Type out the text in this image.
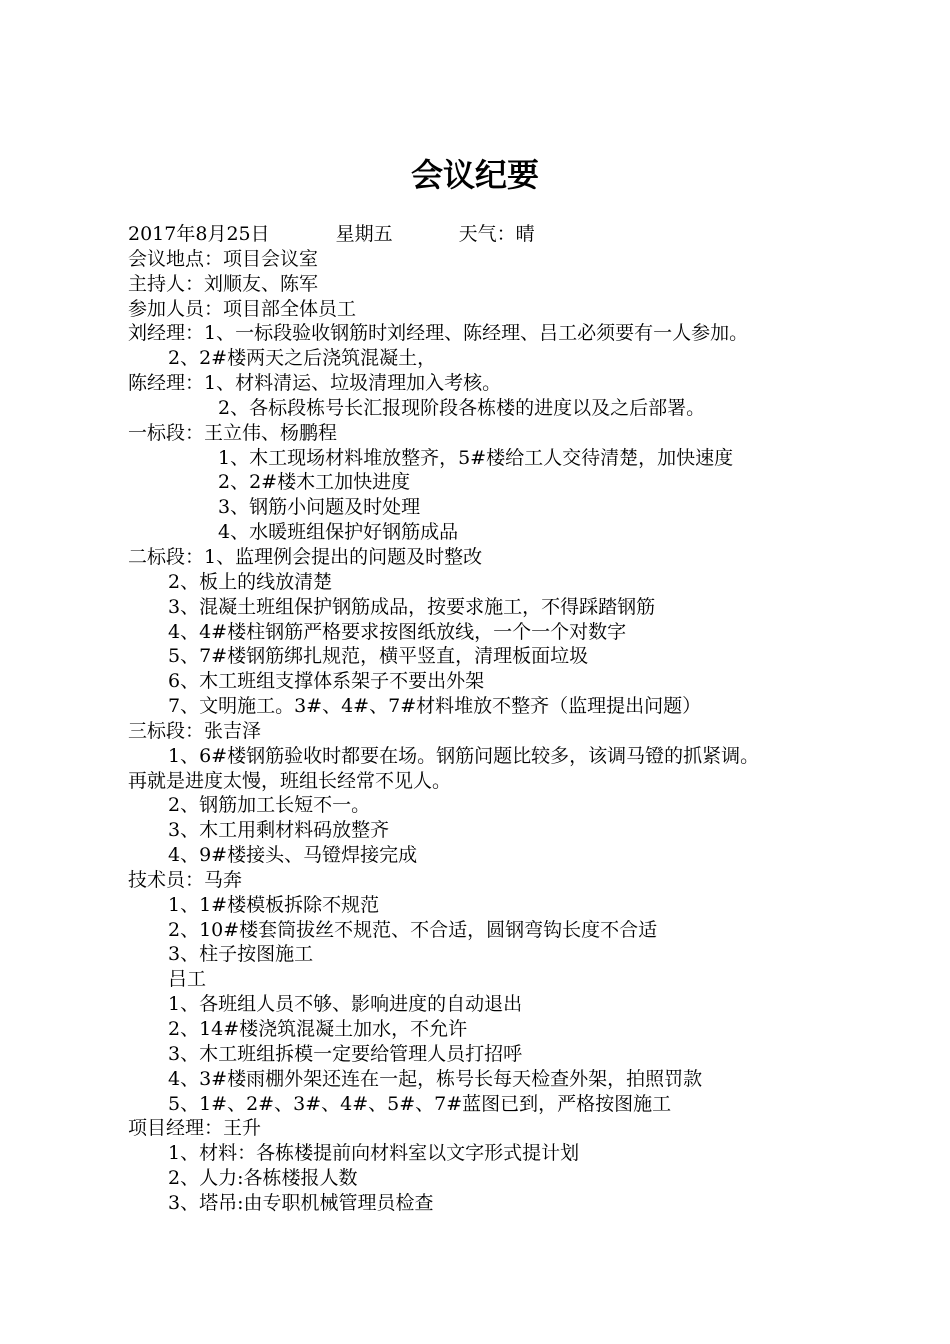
会议纪要
2017年8月25日	星期五	天气：晴
会议地点：项目会议室
主持人：刘顺友、陈军
参加人员：项目部全体员工
刘经理：1、一标段验收钢筋时刘经理、陈经理、吕工必须要有一人参加。
2、2#楼两天之后浇筑混凝土，
陈经理：1、材料清运、垃圾清理加入考核。
2、各标段栋号长汇报现阶段各栋楼的进度以及之后部署。
一标段：王立伟、杨鹏程
1、木工现场材料堆放整齐，5#楼给工人交待清楚，加快速度
2、2#楼木工加快进度
3、钢筋小问题及时处理
4、水暖班组保护好钢筋成品
二标段：1、监理例会提出的问题及时整改
2、板上的线放清楚
3、混凝土班组保护钢筋成品，按要求施工，不得踩踏钢筋
4、4#楼柱钢筋严格要求按图纸放线，一个一个对数字
5、7#楼钢筋绑扎规范，横平竖直，清理板面垃圾
6、木工班组支撑体系架子不要出外架
7、文明施工。3#、4#、7#材料堆放不整齐（监理提出问题）
三标段：张吉泽
1、6#楼钢筋验收时都要在场。钢筋问题比较多，该调马镫的抓紧调。
再就是进度太慢，班组长经常不见人。
2、钢筋加工长短不一。
3、木工用剩材料码放整齐
4、9#楼接头、马镫焊接完成
技术员：马奔
1、1#楼模板拆除不规范
2、10#楼套筒拔丝不规范、不合适，圆钢弯钩长度不合适
3、柱子按图施工
吕工
1、各班组人员不够、影响进度的自动退出
2、14#楼浇筑混凝土加水，不允许
3、木工班组拆模一定要给管理人员打招呼
4、3#楼雨棚外架还连在一起，栋号长每天检查外架，拍照罚款
5、1#、2#、3#、4#、5#、7#蓝图已到，严格按图施工
项目经理：王升
1、材料：各栋楼提前向材料室以文字形式提计划
2、人力:各栋楼报人数
3、塔吊:由专职机械管理员检查
